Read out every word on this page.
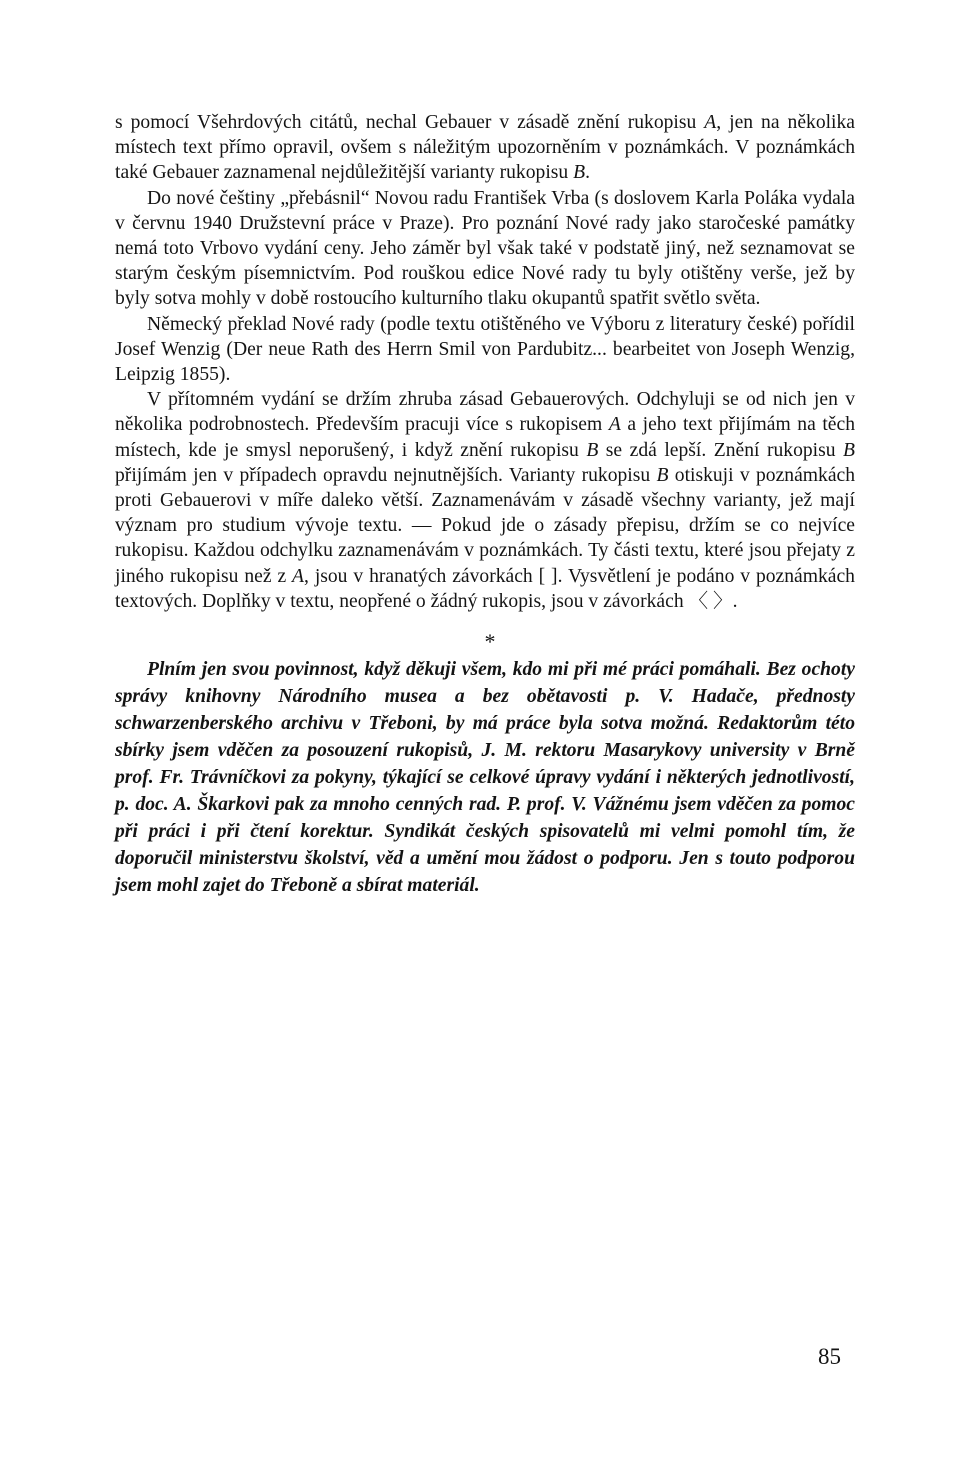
s pomocí Všehrdových citátů, nechal Gebauer v zásadě znění rukopisu A, jen na několika místech text přímo opravil, ovšem s náležitým upozorněním v poznámkách. V poznámkách také Gebauer zaznamenal nejdůležitější varianty rukopisu B.

Do nové češtiny „přebásnil“ Novou radu František Vrba (s doslovem Karla Poláka vydala v červnu 1940 Družstevní práce v Praze). Pro poznání Nové rady jako staročeské památky nemá toto Vrbovo vydání ceny. Jeho záměr byl však také v podstatě jiný, než seznamovat se starým českým písemnictvím. Pod rouškou edice Nové rady tu byly otištěny verše, jež by byly sotva mohly v době rostoucího kulturního tlaku okupantů spatřit světlo světa.

Německý překlad Nové rady (podle textu otištěného ve Výboru z literatury české) pořídil Josef Wenzig (Der neue Rath des Herrn Smil von Pardubitz... bearbeitet von Joseph Wenzig, Leipzig 1855).

V přítomném vydání se držím zhruba zásad Gebauerových. Odchyluji se od nich jen v několika podrobnostech. Především pracuji více s rukopisem A a jeho text přijímám na těch místech, kde je smysl neporušený, i když znění rukopisu B se zdá lepší. Znění rukopisu B přijímám jen v případech opravdu nejnutnějších. Varianty rukopisu B otiskuji v poznámkách proti Gebauerovi v míře daleko větší. Zaznamenávám v zásadě všechny varianty, jež mají význam pro studium vývoje textu. — Pokud jde o zásady přepisu, držím se co nejvíce rukopisu. Každou odchylku zaznamenávám v poznámkách. Ty části textu, které jsou přejaty z jiného rukopisu než z A, jsou v hranatých závorkách [ ]. Vysvětlení je podáno v poznámkách textových. Doplňky v textu, neopřené o žádný rukopis, jsou v závorkách 〈 〉.

*

Plním jen svou povinnost, když děkuji všem, kdo mi při mé práci pomáhali. Bez ochoty správy knihovny Národního musea a bez obětavosti p. V. Hadače, přednosty schwarzenberského archivu v Třeboni, by má práce byla sotva možná. Redaktorům této sbírky jsem vděčen za posouzení rukopisů, J. M. rektoru Masarykovy university v Brně prof. Fr. Trávníčkovi za pokyny, týkající se celkové úpravy vydání i některých jednotlivostí, p. doc. A. Škarkovi pak za mnoho cenných rad. P. prof. V. Vážnému jsem vděčen za pomoc při práci i při čtení korektur. Syndikát českých spisovatelů mi velmi pomohl tím, že doporučil ministerstvu školství, věd a umění mou žádost o podporu. Jen s touto podporou jsem mohl zajet do Třeboně a sbírat materiál.

85
